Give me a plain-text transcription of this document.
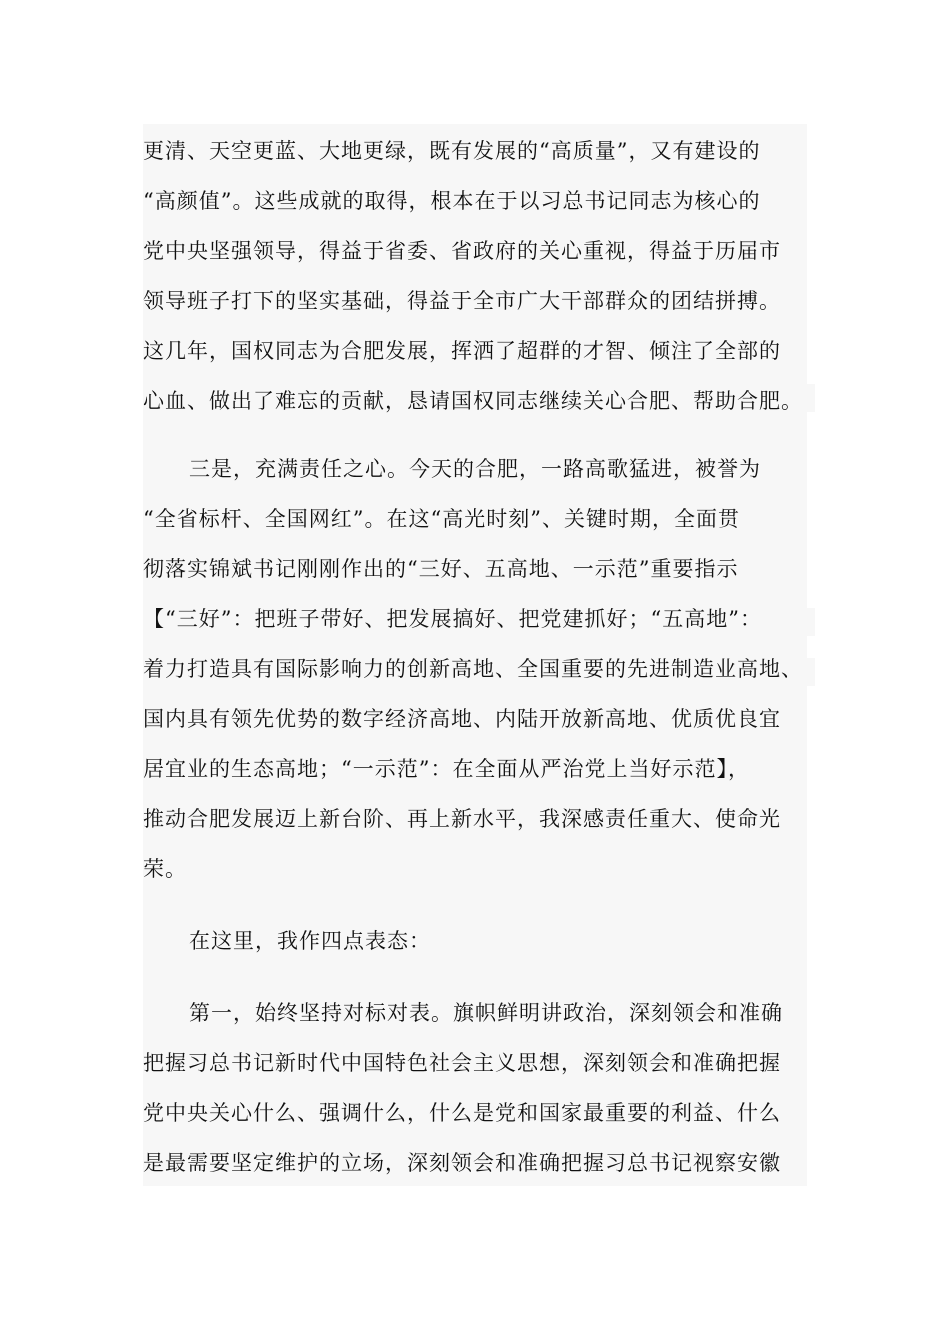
更清、天空更蓝、大地更绿，既有发展的“高质量”，又有建设的
“高颜值”。这些成就的取得，根本在于以习总书记同志为核心的
党中央坚强领导，得益于省委、省政府的关心重视，得益于历届市
领导班子打下的坚实基础，得益于全市广大干部群众的团结拼搏。
这几年，国权同志为合肥发展，挥洒了超群的才智、倾注了全部的
心血、做出了难忘的贡献，恳请国权同志继续关心合肥、帮助合肥。
三是，充满责任之心。今天的合肥，一路高歌猛进，被誉为
“全省标杆、全国网红”。在这“高光时刻”、关键时期，全面贯
彻落实锦斌书记刚刚作出的“三好、五高地、一示范”重要指示
【“三好”：把班子带好、把发展搞好、把党建抓好；“五高地”：
着力打造具有国际影响力的创新高地、全国重要的先进制造业高地、
国内具有领先优势的数字经济高地、内陆开放新高地、优质优良宜
居宜业的生态高地；“一示范”：在全面从严治党上当好示范】，
推动合肥发展迈上新台阶、再上新水平，我深感责任重大、使命光
荣。
在这里，我作四点表态：
第一，始终坚持对标对表。旗帜鲜明讲政治，深刻领会和准确
把握习总书记新时代中国特色社会主义思想，深刻领会和准确把握
党中央关心什么、强调什么，什么是党和国家最重要的利益、什么
是最需要坚定维护的立场，深刻领会和准确把握习总书记视察安徽
